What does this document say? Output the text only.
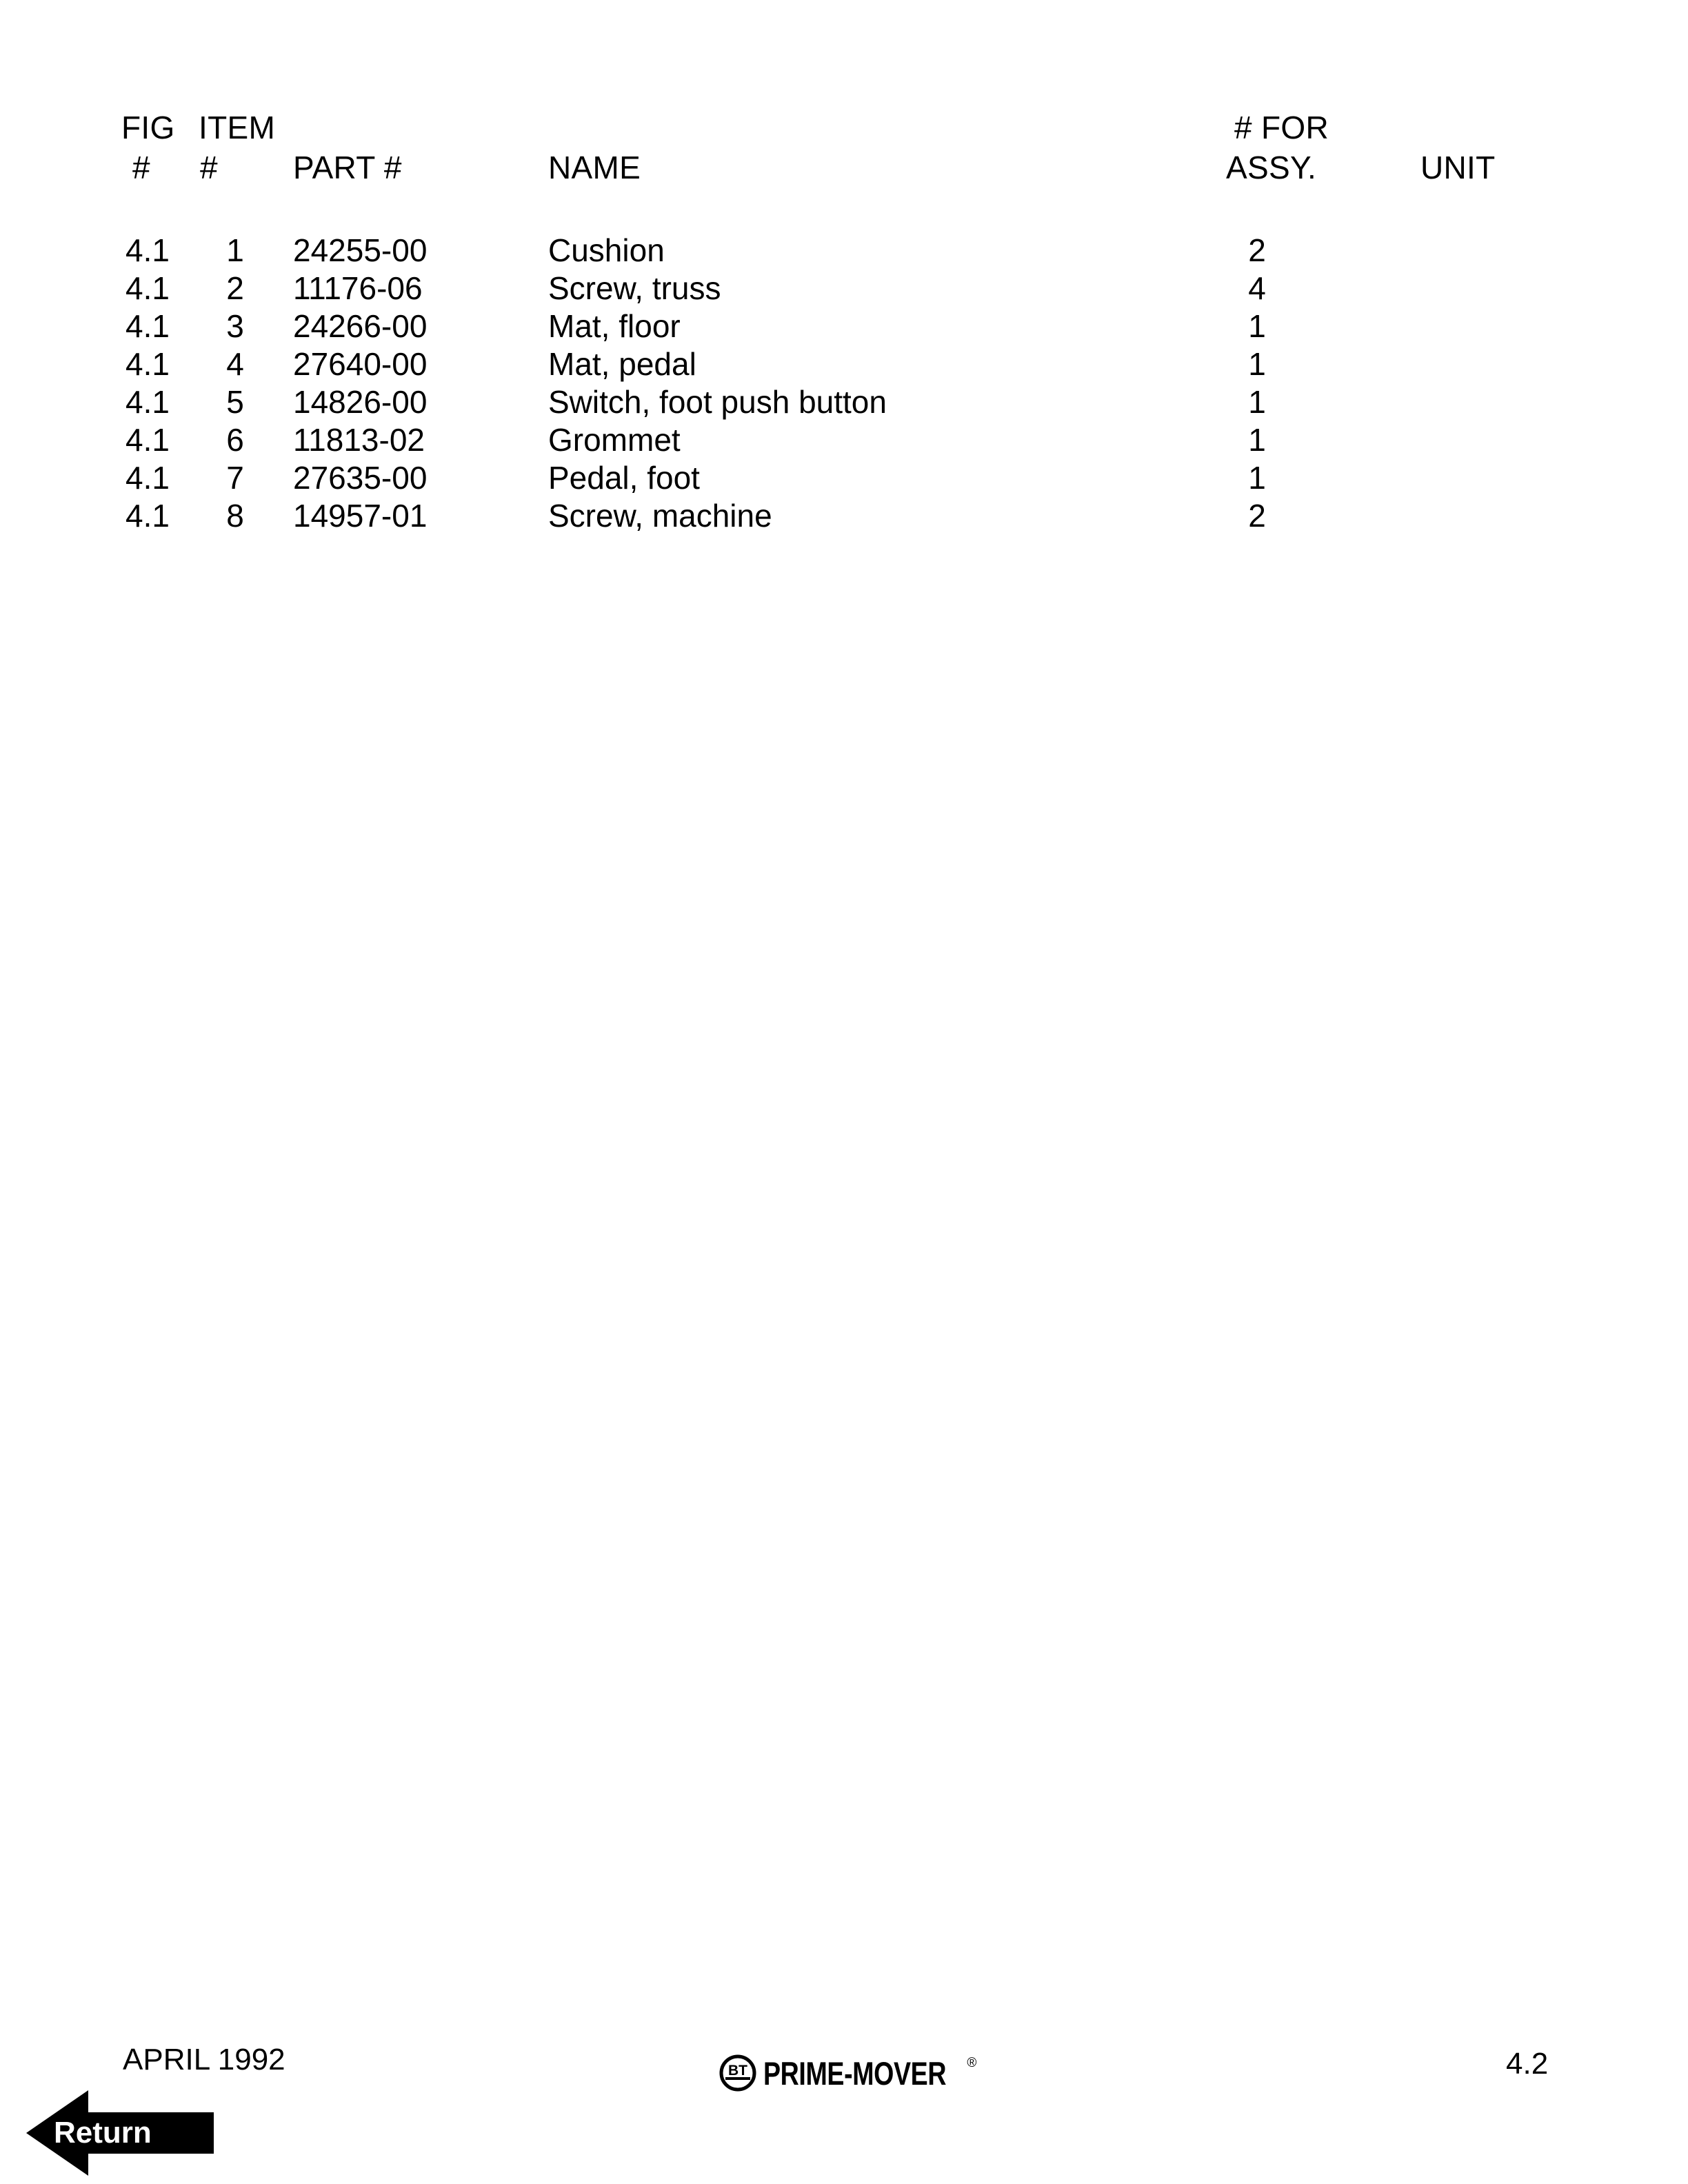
FIG ITEM	# FOR
# # PART #	NAME	ASSY.	UNIT
4.1	1 24255-00	Cushion	2
4.1	2 11176-06	Screw, truss	4
4.1	3 24266-00	Mat, floor	1
4.1	4 27640-00	Mat, pedal	1
4.1	5 14826-00	Switch, foot push button	1
4.1	6 11813-02	Grommet	1
4.1	7 27635-00	Pedal, foot	1
4.1	8 14957-01	Screw, machine	2
APRIL 1992	4.2
BT PRIME-MOVER ®
Return
